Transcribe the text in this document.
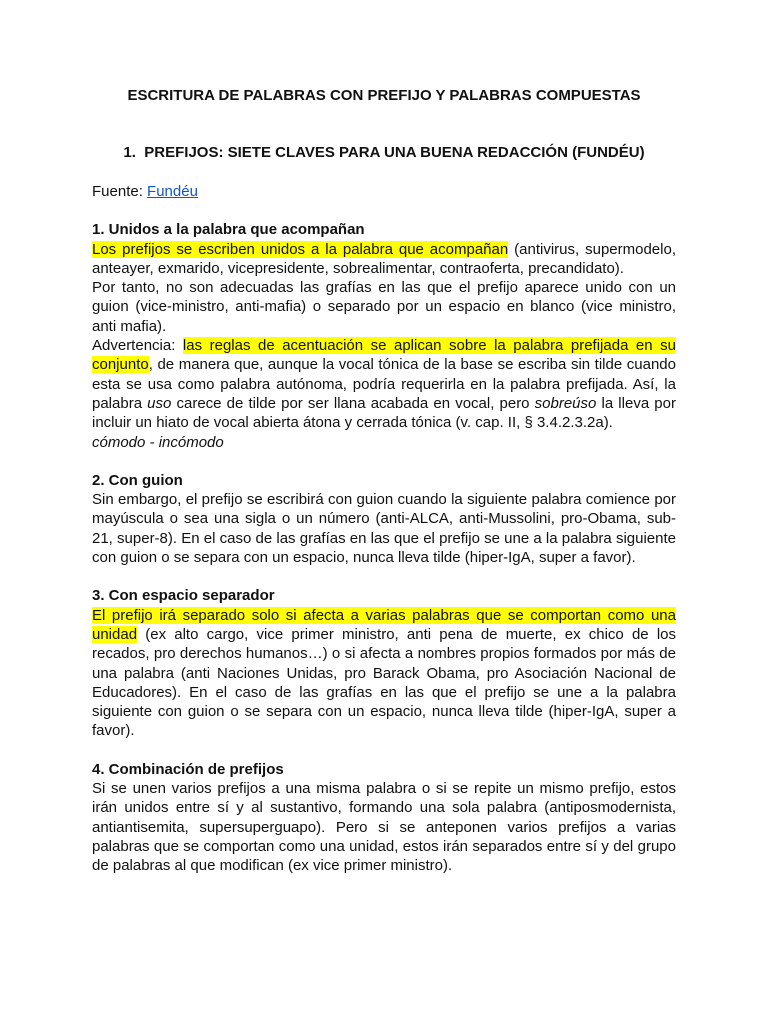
ESCRITURA DE PALABRAS CON PREFIJO Y PALABRAS COMPUESTAS
1.  PREFIJOS: SIETE CLAVES PARA UNA BUENA REDACCIÓN (FUNDÉU)

Fuente: Fundéu

1. Unidos a la palabra que acompañan

Los prefijos se escriben unidos a la palabra que acompañan (antivirus, supermodelo, anteayer, exmarido, vicepresidente, sobrealimentar, contraoferta, precandidato).

Por tanto, no son adecuadas las grafías en las que el prefijo aparece unido con un guion (vice-ministro, anti-mafia) o separado por un espacio en blanco (vice ministro, anti mafia).

Advertencia: las reglas de acentuación se aplican sobre la palabra prefijada en su conjunto, de manera que, aunque la vocal tónica de la base se escriba sin tilde cuando esta se usa como palabra autónoma, podría requerirla en la palabra prefijada. Así, la palabra uso carece de tilde por ser llana acabada en vocal, pero sobreúso la lleva por incluir un hiato de vocal abierta átona y cerrada tónica (v. cap. II, § 3.4.2.3.2a).

cómodo - incómodo

2. Con guion

Sin embargo, el prefijo se escribirá con guion cuando la siguiente palabra comience por mayúscula o sea una sigla o un número (anti-ALCA, anti-Mussolini, pro-Obama, sub-21, super-8). En el caso de las grafías en las que el prefijo se une a la palabra siguiente con guion o se separa con un espacio, nunca lleva tilde (hiper-IgA, super a favor).

3. Con espacio separador

El prefijo irá separado solo si afecta a varias palabras que se comportan como una unidad (ex alto cargo, vice primer ministro, anti pena de muerte, ex chico de los recados, pro derechos humanos…) o si afecta a nombres propios formados por más de una palabra (anti Naciones Unidas, pro Barack Obama, pro Asociación Nacional de Educadores). En el caso de las grafías en las que el prefijo se une a la palabra siguiente con guion o se separa con un espacio, nunca lleva tilde (hiper-IgA, super a favor).

4. Combinación de prefijos

Si se unen varios prefijos a una misma palabra o si se repite un mismo prefijo, estos irán unidos entre sí y al sustantivo, formando una sola palabra (antiposmodernista, antiantisemita, supersuperguapo). Pero si se anteponen varios prefijos a varias palabras que se comportan como una unidad, estos irán separados entre sí y del grupo de palabras al que modifican (ex vice primer ministro).
